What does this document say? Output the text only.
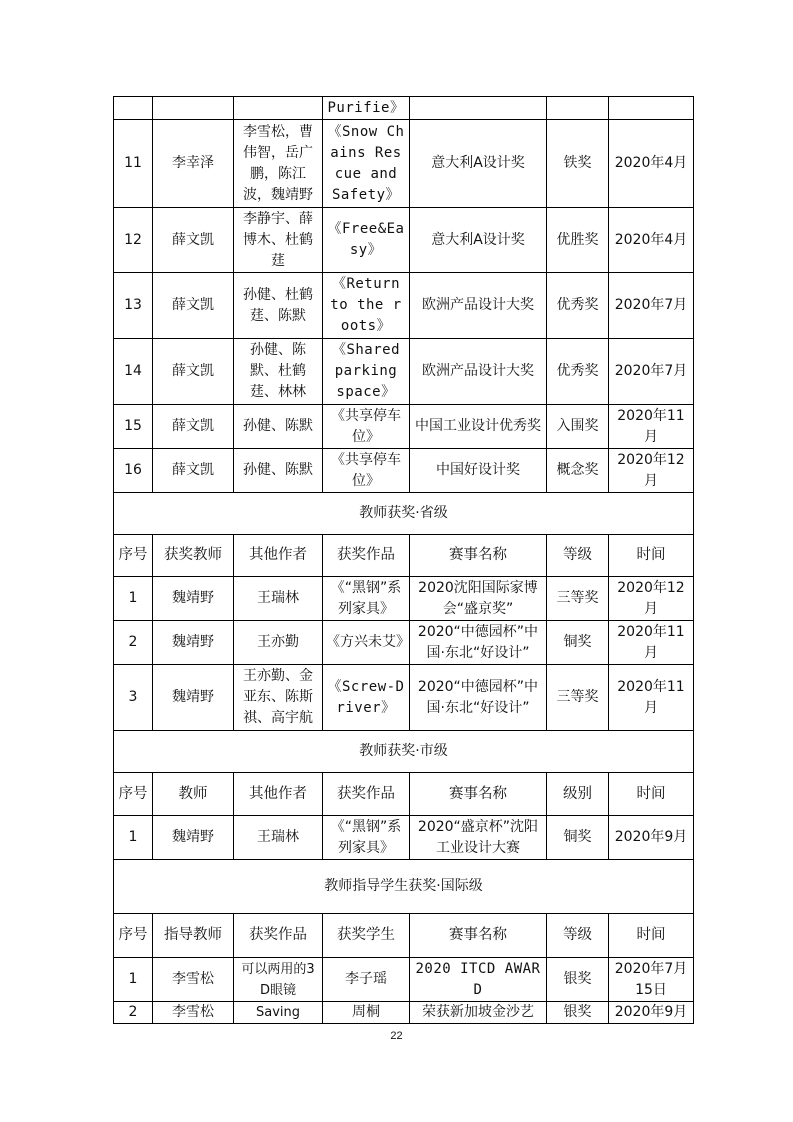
			Purifie》			
11	李幸泽	李雪松，曹伟智，岳广鹏，陈江波，魏靖野	《Snow Chains Rescue and Safety》	意大利A设计奖	铁奖	2020年4月
12	薛文凯	李静宇、薛博木、杜鹤莛	《Free&Easy》	意大利A设计奖	优胜奖	2020年4月
13	薛文凯	孙健、杜鹤莛、陈默	《Return to the roots》	欧洲产品设计大奖	优秀奖	2020年7月
14	薛文凯	孙健、陈默、杜鹤莛、林林	《Shared parking space》	欧洲产品设计大奖	优秀奖	2020年7月
15	薛文凯	孙健、陈默	《共享停车位》	中国工业设计优秀奖	入围奖	2020年11月
16	薛文凯	孙健、陈默	《共享停车位》	中国好设计奖	概念奖	2020年12月
教师获奖·省级						
序号	获奖教师	其他作者	获奖作品	赛事名称	等级	时间
1	魏靖野	王瑞林	《“黑钢”系列家具》	2020沈阳国际家博会“盛京奖”	三等奖	2020年12月
2	魏靖野	王亦勤	《方兴未艾》	2020“中德园杯”中国·东北“好设计”	铜奖	2020年11月
3	魏靖野	王亦勤、金亚东、陈斯祺、高宇航	《Screw-Driver》	2020“中德园杯”中国·东北“好设计”	三等奖	2020年11月
教师获奖·市级						
序号	教师	其他作者	获奖作品	赛事名称	级别	时间
1	魏靖野	王瑞林	《“黑钢”系列家具》	2020“盛京杯”沈阳工业设计大赛	铜奖	2020年9月
教师指导学生获奖·国际级						
序号	指导教师	获奖作品	获奖学生	赛事名称	等级	时间
1	李雪松	可以两用的3D眼镜	李子瑶	2020 ITCD AWARD	银奖	2020年7月15日
2	李雪松	Saving	周桐	荣获新加坡金沙艺	银奖	2020年9月
22
